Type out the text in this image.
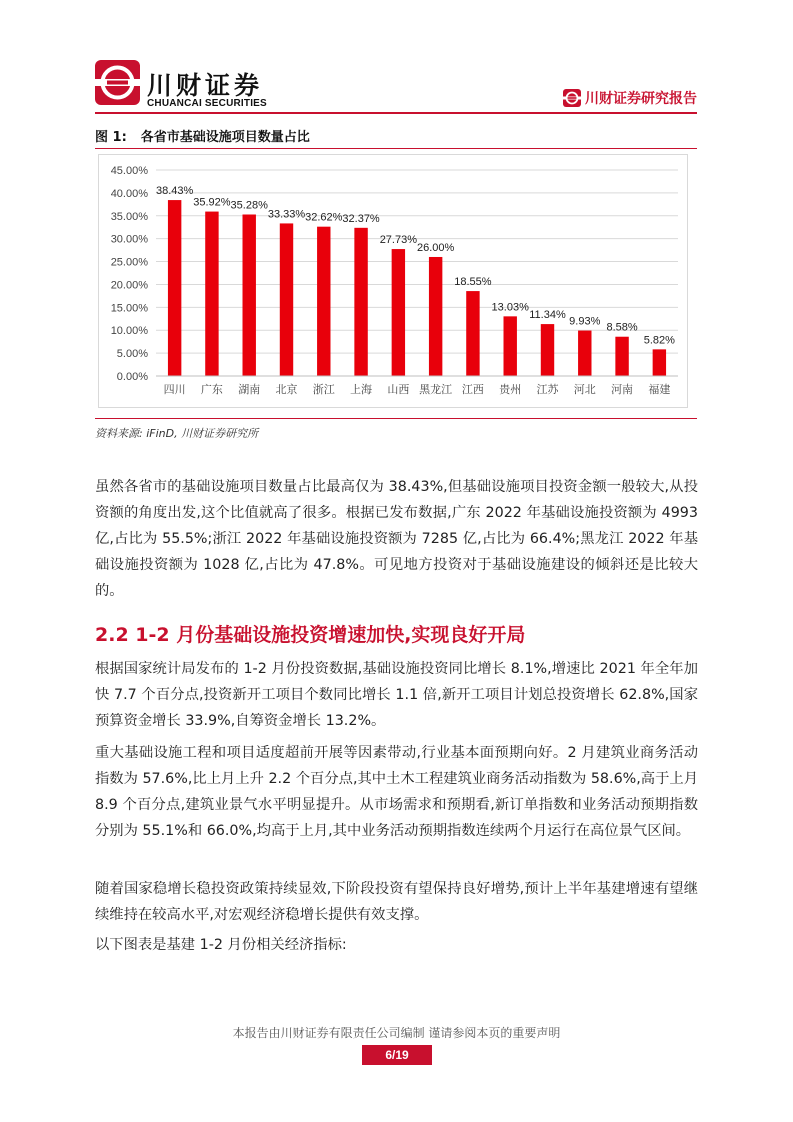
川财证券
CHUANCAI SECURITIES	川财证券研究报告
图 1: 各省市基础设施项目数量占比
0.00%
5.00%
10.00%
15.00%
20.00%
25.00%
30.00%
35.00%
40.00%
45.00%
38.43%
四川
35.92%
广东
35.28%
湖南
33.33%
北京
32.62%
浙江
32.37%
上海
27.73%
山西
26.00%
黑龙江
18.55%
江西
13.03%
贵州
11.34%
江苏
9.93%
河北
8.58%
河南
5.82%
福建
资料来源: iFinD, 川财证券研究所
虽然各省市的基础设施项目数量占比最高仅为 38.43%,但基础设施项目投资金额一般较大,从投资额的角度出发,这个比值就高了很多。根据已发布数据,广东 2022 年基础设施投资额为 4993 亿,占比为 55.5%;浙江 2022 年基础设施投资额为 7285 亿,占比为 66.4%;黑龙江 2022 年基础设施投资额为 1028 亿,占比为 47.8%。可见地方投资对于基础设施建设的倾斜还是比较大的。
2.2 1-2 月份基础设施投资增速加快,实现良好开局
根据国家统计局发布的 1-2 月份投资数据,基础设施投资同比增长 8.1%,增速比 2021 年全年加快 7.7 个百分点,投资新开工项目个数同比增长 1.1 倍,新开工项目计划总投资增长 62.8%,国家预算资金增长 33.9%,自筹资金增长 13.2%。
重大基础设施工程和项目适度超前开展等因素带动,行业基本面预期向好。2 月建筑业商务活动指数为 57.6%,比上月上升 2.2 个百分点,其中土木工程建筑业商务活动指数为 58.6%,高于上月 8.9 个百分点,建筑业景气水平明显提升。从市场需求和预期看,新订单指数和业务活动预期指数分别为 55.1%和 66.0%,均高于上月,其中业务活动预期指数连续两个月运行在高位景气区间。
随着国家稳增长稳投资政策持续显效,下阶段投资有望保持良好增势,预计上半年基建增速有望继续维持在较高水平,对宏观经济稳增长提供有效支撑。
以下图表是基建 1-2 月份相关经济指标:
本报告由川财证券有限责任公司编制 谨请参阅本页的重要声明
6/19
